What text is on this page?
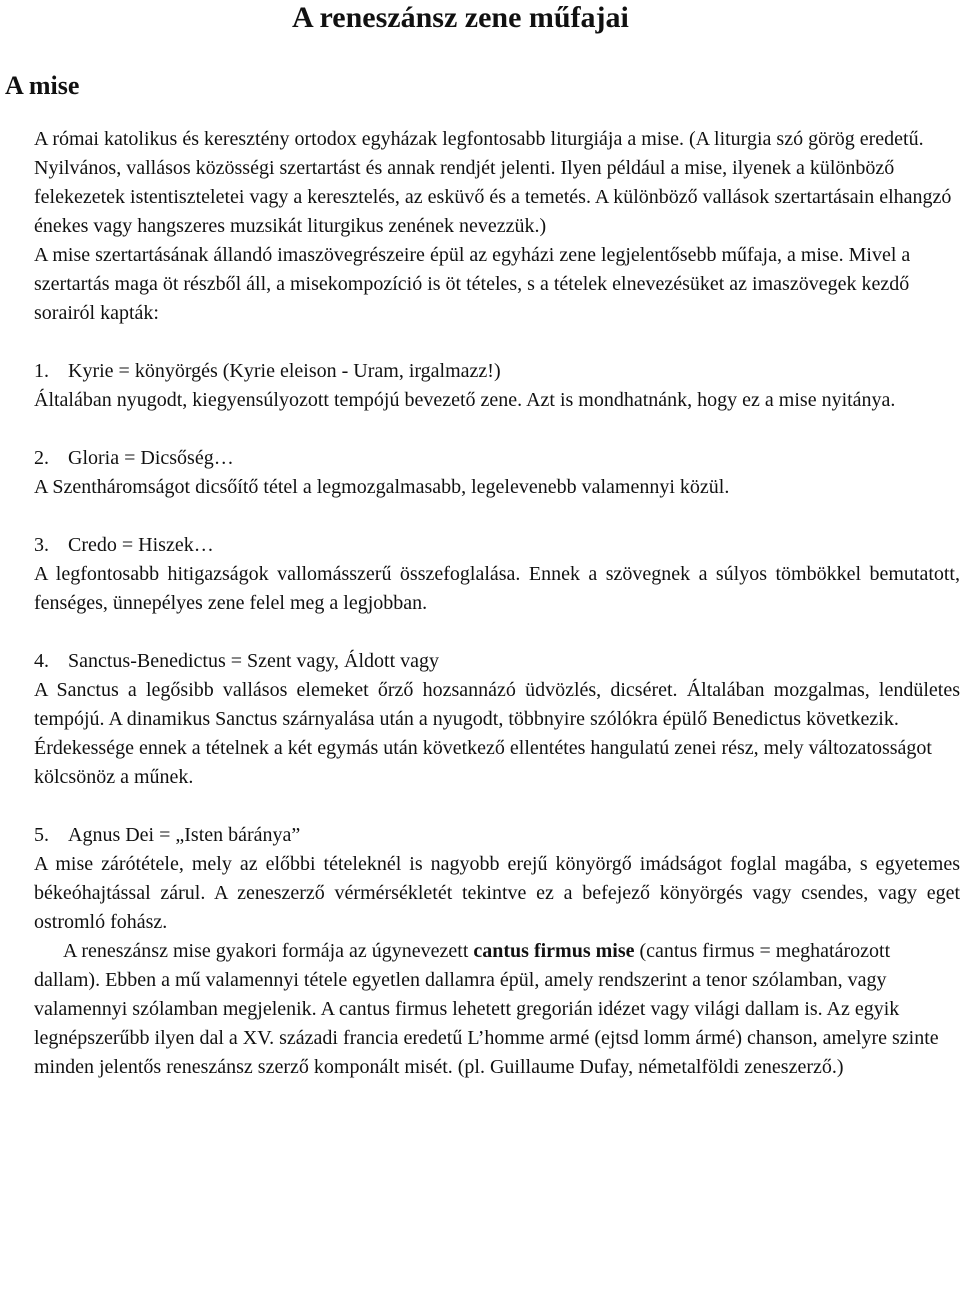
A reneszánsz zene műfajai
A mise

A római katolikus és keresztény ortodox egyházak legfontosabb liturgiája a mise. (A liturgia szó görög eredetű. Nyilvános, vallásos közösségi szertartást és annak rendjét jelenti. Ilyen például a mise, ilyenek a különböző felekezetek istentiszteletei vagy a keresztelés, az esküvő és a temetés. A különböző vallások szertartásain elhangzó énekes vagy hangszeres muzsikát liturgikus zenének nevezzük.)

A mise szertartásának állandó imaszövegrészeire épül az egyházi zene legjelentősebb műfaja, a mise. Mivel a szertartás maga öt részből áll, a misekompozíció is öt tételes, s a tételek elnevezésüket az imaszövegek kezdő sorairól kapták:

1. Kyrie = könyörgés (Kyrie eleison - Uram, irgalmazz!)

Általában nyugodt, kiegyensúlyozott tempójú bevezető zene. Azt is mondhatnánk, hogy ez a mise nyitánya.

2. Gloria = Dicsőség…

A Szentháromságot dicsőítő tétel a legmozgalmasabb, legelevenebb valamennyi közül.

3. Credo = Hiszek…

A legfontosabb hitigazságok vallomásszerű összefoglalása. Ennek a szövegnek a súlyos tömbökkel bemutatott, fenséges, ünnepélyes zene felel meg a legjobban.

4. Sanctus-Benedictus = Szent vagy, Áldott vagy

A Sanctus a legősibb vallásos elemeket őrző hozsannázó üdvözlés, dicséret. Általában mozgalmas, lendületes tempójú. A dinamikus Sanctus szárnyalása után a nyugodt, többnyire szólókra épülő Benedictus következik.

Érdekessége ennek a tételnek a két egymás után következő ellentétes hangulatú zenei rész, mely változatosságot kölcsönöz a műnek.

5. Agnus Dei = „Isten báránya”

A mise zárótétele, mely az előbbi tételeknél is nagyobb erejű könyörgő imádságot foglal magába, s egyetemes békeóhajtással zárul. A zeneszerző vérmérsékletét tekintve ez a befejező könyörgés vagy csendes, vagy eget ostromló fohász.

A reneszánsz mise gyakori formája az úgynevezett cantus firmus mise (cantus firmus = meghatározott dallam). Ebben a mű valamennyi tétele egyetlen dallamra épül, amely rendszerint a tenor szólamban, vagy valamennyi szólamban megjelenik. A cantus firmus lehetett gregorián idézet vagy világi dallam is. Az egyik legnépszerűbb ilyen dal a XV. századi francia eredetű L’homme armé (ejtsd lomm ármé) chanson, amelyre szinte minden jelentős reneszánsz szerző komponált misét. (pl. Guillaume Dufay, németalföldi zeneszerző.)
